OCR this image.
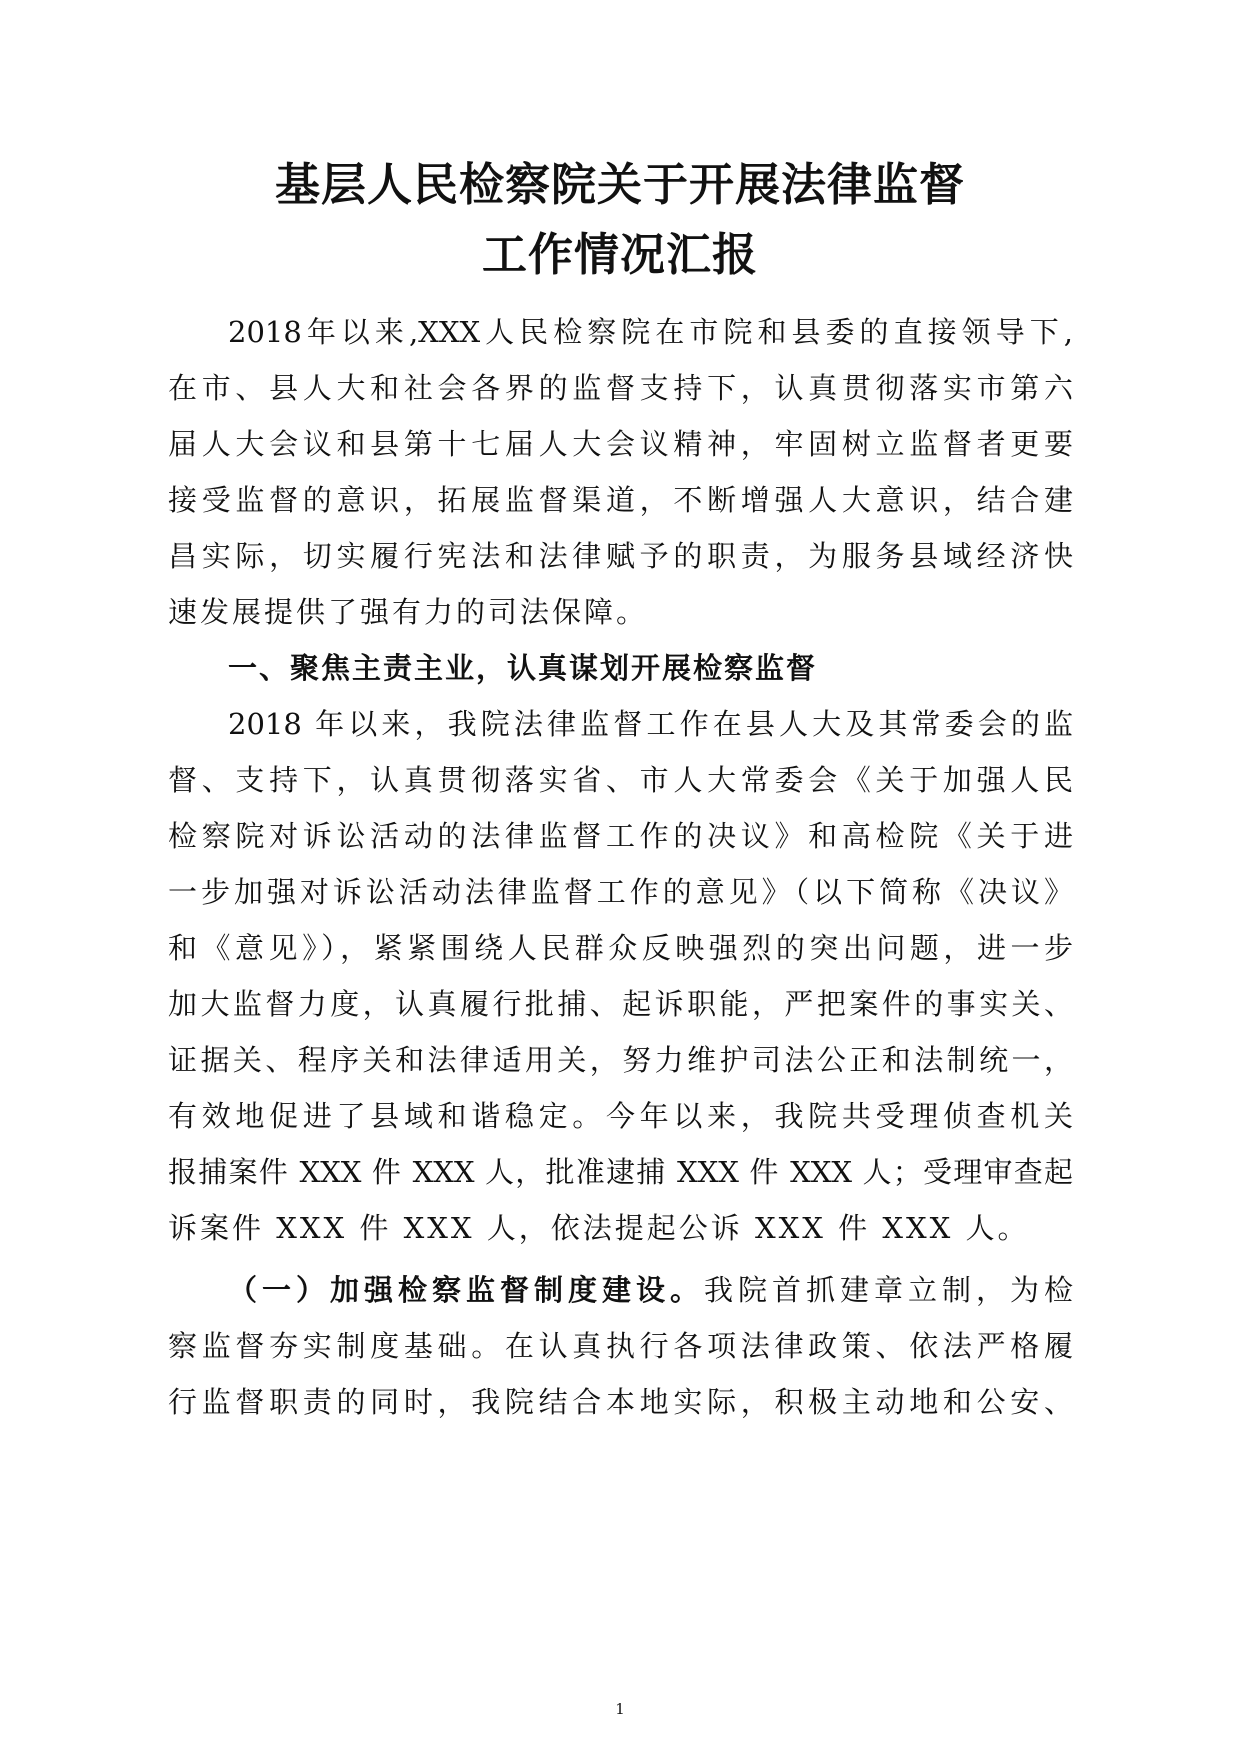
基层人民检察院关于开展法律监督
工作情况汇报
2018年以来,XXX人民检察院在市院和县委的直接领导下,
在市、县人大和社会各界的监督支持下，认真贯彻落实市第六
届人大会议和县第十七届人大会议精神，牢固树立监督者更要
接受监督的意识，拓展监督渠道，不断增强人大意识，结合建
昌实际，切实履行宪法和法律赋予的职责，为服务县域经济快
速发展提供了强有力的司法保障。
一、聚焦主责主业，认真谋划开展检察监督
2018 年以来，我院法律监督工作在县人大及其常委会的监
督、支持下，认真贯彻落实省、市人大常委会《关于加强人民
检察院对诉讼活动的法律监督工作的决议》和高检院《关于进
一步加强对诉讼活动法律监督工作的意见》（以下简称《决议》
和《意见》），紧紧围绕人民群众反映强烈的突出问题，进一步
加大监督力度，认真履行批捕、起诉职能，严把案件的事实关、
证据关、程序关和法律适用关，努力维护司法公正和法制统一，
有效地促进了县域和谐稳定。今年以来，我院共受理侦查机关
报捕案件 XXX 件 XXX 人，批准逮捕 XXX 件 XXX 人；受理审查起
诉案件 XXX 件 XXX 人，依法提起公诉 XXX 件 XXX 人。
（一）加强检察监督制度建设。我院首抓建章立制，为检
察监督夯实制度基础。在认真执行各项法律政策、依法严格履
行监督职责的同时，我院结合本地实际，积极主动地和公安、
1
